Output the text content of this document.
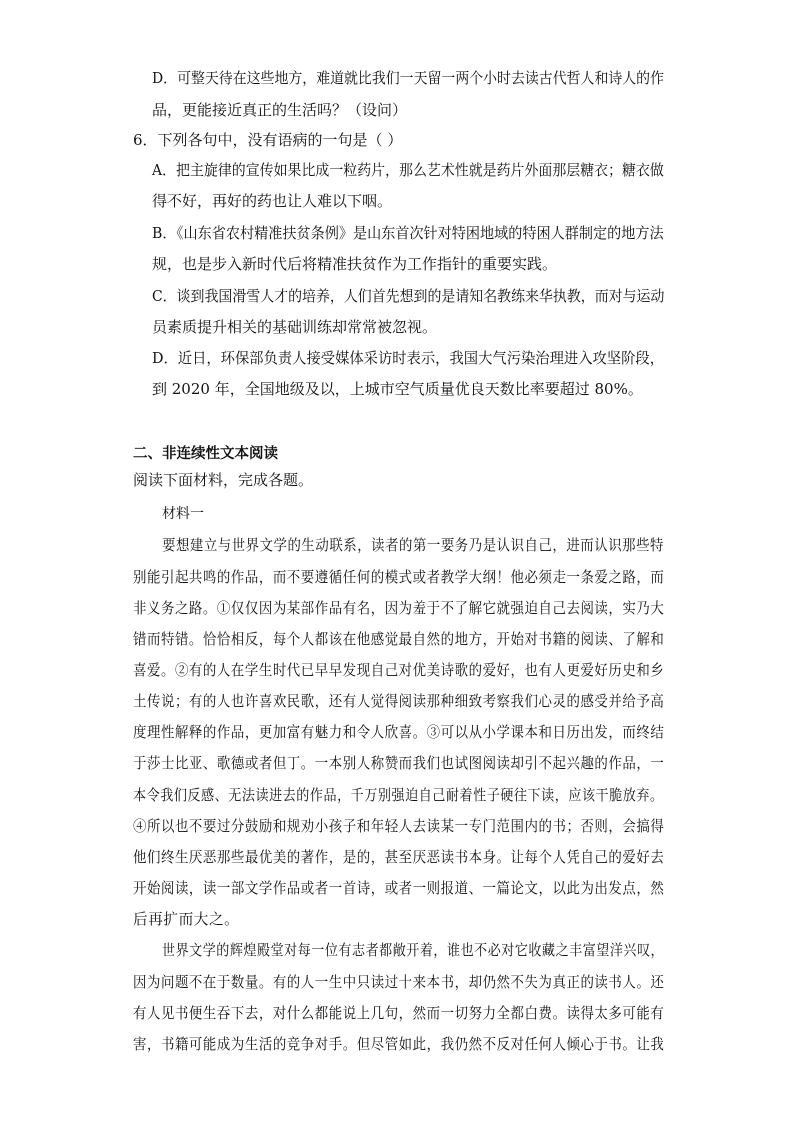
D．可整天待在这些地方，难道就比我们一天留一两个小时去读古代哲人和诗人的作
品，更能接近真正的生活吗？（设问）
6．下列各句中，没有语病的一句是（ ）
A．把主旋律的宣传如果比成一粒药片，那么艺术性就是药片外面那层糖衣；糖衣做
得不好，再好的药也让人难以下咽。
B．《山东省农村精准扶贫条例》是山东首次针对特困地域的特困人群制定的地方法
规，也是步入新时代后将精准扶贫作为工作指针的重要实践。
C．谈到我国滑雪人才的培养，人们首先想到的是请知名教练来华执教，而对与运动
员素质提升相关的基础训练却常常被忽视。
D．近日，环保部负责人接受媒体采访时表示，我国大气污染治理进入攻坚阶段，
到 2020 年，全国地级及以，上城市空气质量优良天数比率要超过 80%。
二、非连续性文本阅读
阅读下面材料，完成各题。
材料一
要想建立与世界文学的生动联系，读者的第一要务乃是认识自己，进而认识那些特
别能引起共鸣的作品，而不要遵循任何的模式或者教学大纲！他必须走一条爱之路，而
非义务之路。①仅仅因为某部作品有名，因为羞于不了解它就强迫自己去阅读，实乃大
错而特错。恰恰相反，每个人都该在他感觉最自然的地方，开始对书籍的阅读、了解和
喜爱。②有的人在学生时代已早早发现自己对优美诗歌的爱好，也有人更爱好历史和乡
土传说；有的人也许喜欢民歌，还有人觉得阅读那种细致考察我们心灵的感受并给予高
度理性解释的作品，更加富有魅力和令人欣喜。③可以从小学课本和日历出发，而终结
于莎士比亚、歌德或者但丁。一本别人称赞而我们也试图阅读却引不起兴趣的作品，一
本令我们反感、无法读进去的作品，千万别强迫自己耐着性子硬往下读，应该干脆放弃。
④所以也不要过分鼓励和规劝小孩子和年轻人去读某一专门范围内的书；否则，会搞得
他们终生厌恶那些最优美的著作，是的，甚至厌恶读书本身。让每个人凭自己的爱好去
开始阅读，读一部文学作品或者一首诗，或者一则报道、一篇论文，以此为出发点，然
后再扩而大之。
世界文学的辉煌殿堂对每一位有志者都敞开着，谁也不必对它收藏之丰富望洋兴叹，
因为问题不在于数量。有的人一生中只读过十来本书，却仍然不失为真正的读书人。还
有人见书便生吞下去，对什么都能说上几句，然而一切努力全都白费。读得太多可能有
害，书籍可能成为生活的竞争对手。但尽管如此，我仍然不反对任何人倾心于书。让我
